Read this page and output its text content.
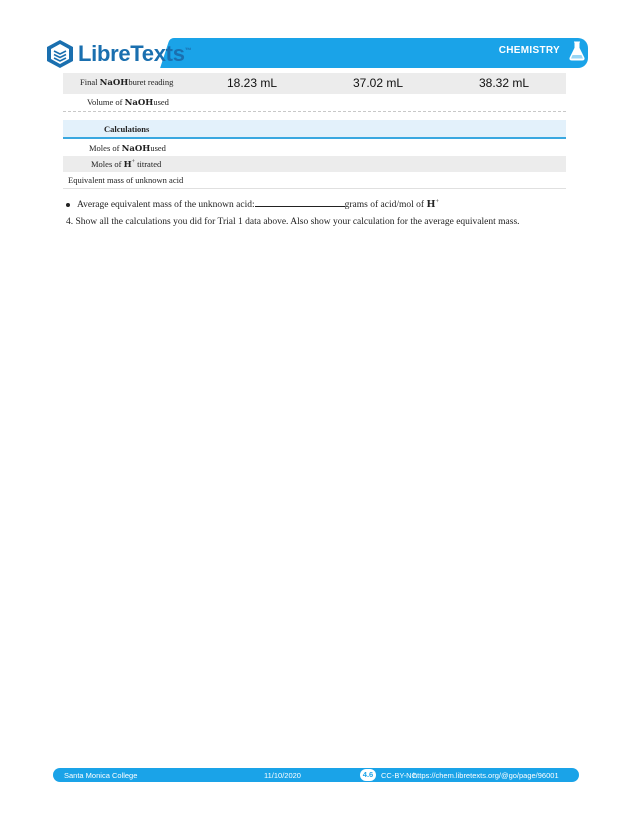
LibreTexts™	CHEMISTRY
Final NaOHburet reading	18.23 mL	37.02 mL	38.32 mL
Volume of NaOHused
Calculations
Moles of NaOHused
Moles of H+ titrated
Equivalent mass of unknown acid
Average equivalent mass of the unknown acid:	grams of acid/mol of H+
4. Show all the calculations you did for Trial 1 data above. Also show your calculation for the average equivalent mass.
Santa Monica College	11/10/2020	4.6	CC-BY-NC
https://chem.libretexts.org/@go/page/96001
